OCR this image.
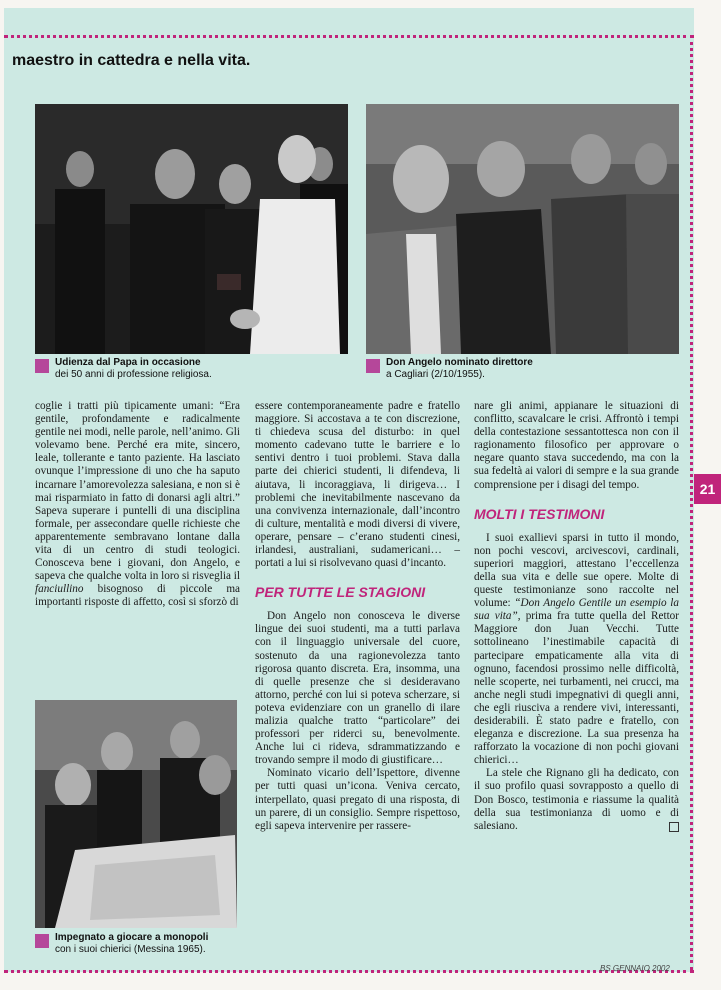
maestro in cattedra e nella vita.
Udienza dal Papa in occasione
dei 50 anni di professione religiosa.
Don Angelo nominato direttore
a Cagliari (2/10/1955).

coglie i tratti più tipicamente umani: “Era gentile, profondamente e radicalmente gentile nei modi, nelle parole, nell’animo. Gli volevamo bene. Perché era mite, sincero, leale, tollerante e tanto paziente. Ha lasciato ovunque l’impressione di uno che ha saputo incarnare l’amorevolezza salesiana, e non si è mai risparmiato in fatto di donarsi agli altri.” Sapeva superare i puntelli di una disciplina formale, per assecondare quelle richieste che apparentemente sembravano lontane dalla vita di un centro di studi teologici. Conosceva bene i giovani, don Angelo, e sapeva che qualche volta in loro si risveglia il fanciullino bisognoso di piccole ma importanti risposte di affetto, così si sforzò di

Impegnato a giocare a monopoli
con i suoi chierici (Messina 1965).

essere contemporaneamente padre e fratello maggiore. Si accostava a te con discrezione, ti chiedeva scusa del disturbo: in quel momento cadevano tutte le barriere e lo sentivi dentro i tuoi problemi. Stava dalla parte dei chierici studenti, li difendeva, li aiutava, li incoraggiava, li dirigeva… I problemi che inevitabilmente nascevano da una convivenza internazionale, dall’incontro di culture, mentalità e modi diversi di vivere, operare, pensare – c’erano studenti cinesi, irlandesi, australiani, sudamericani… – portati a lui si risolvevano quasi d’incanto.

PER TUTTE LE STAGIONI

Don Angelo non conosceva le diverse lingue dei suoi studenti, ma a tutti parlava con il linguaggio universale del cuore, sostenuto da una ragionevolezza tanto rigorosa quanto discreta. Era, insomma, una di quelle presenze che si desideravano attorno, perché con lui si poteva scherzare, si poteva evidenziare con un granello di ilare malizia qualche tratto “particolare” dei professori per riderci su, benevolmente. Anche lui ci rideva, sdrammatizzando e trovando sempre il modo di giustificare…

Nominato vicario dell’Ispettore, divenne per tutti quasi un’icona. Veniva cercato, interpellato, quasi pregato di una risposta, di un parere, di un consiglio. Sempre rispettoso, egli sapeva intervenire per rassere-

nare gli animi, appianare le situazioni di conflitto, scavalcare le crisi. Affrontò i tempi della contestazione sessantottesca non con il ragionamento filosofico per approvare o negare quanto stava succedendo, ma con la sua fedeltà ai valori di sempre e la sua grande comprensione per i disagi del tempo.

MOLTI I TESTIMONI

I suoi exallievi sparsi in tutto il mondo, non pochi vescovi, arcivescovi, cardinali, superiori maggiori, attestano l’eccellenza della sua vita e delle sue opere. Molte di queste testimonianze sono raccolte nel volume: “Don Angelo Gentile un esempio la sua vita”, prima fra tutte quella del Rettor Maggiore don Juan Vecchi. Tutte sottolineano l’inestimabile capacità di partecipare empaticamente alla vita di ognuno, facendosi prossimo nelle difficoltà, nelle scoperte, nei turbamenti, nei crucci, ma anche negli studi impegnativi di quegli anni, che egli riusciva a rendere vivi, interessanti, desiderabili. È stato padre e fratello, con eleganza e discrezione. La sua presenza ha rafforzato la vocazione di non pochi giovani chierici…

La stele che Rignano gli ha dedicato, con il suo profilo quasi sovrapposto a quello di Don Bosco, testimonia e riassume la qualità della sua testimonianza di uomo e di salesiano.

21
BS GENNAIO 2002
